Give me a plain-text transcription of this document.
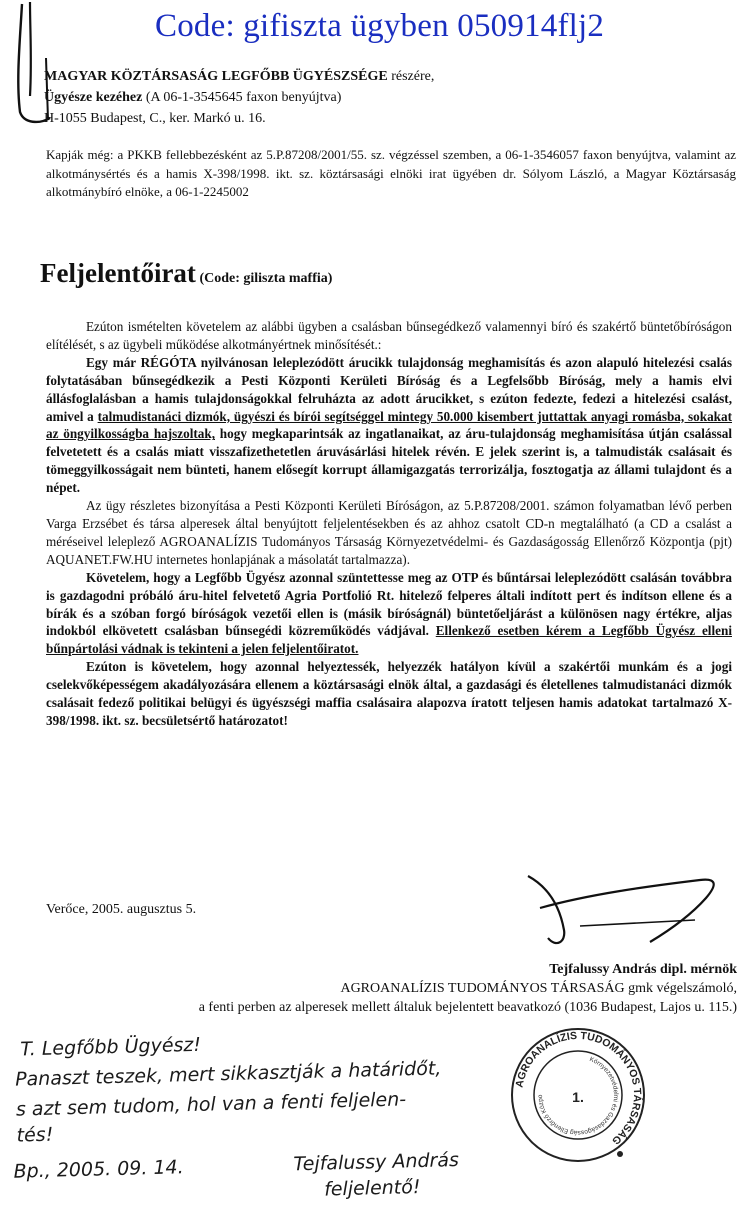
Code: gifiszta ügyben 050914flj2
MAGYAR KÖZTÁRSASÁG LEGFŐBB ÜGYÉSZSÉGE részére,
Ügyésze kezéhez (A 06-1-3545645 faxon benyújtva)
H-1055 Budapest, C., ker. Markó u. 16.
Kapják még: a PKKB fellebbezésként az 5.P.87208/2001/55. sz. végzéssel szemben, a 06-1-3546057 faxon benyújtva, valamint az alkotmánysértés és a hamis X-398/1998. ikt. sz. köztársasági elnöki irat ügyében dr. Sólyom László, a Magyar Köztársaság alkotmánybíró elnöke, a 06-1-2245002
Feljelentőirat (Code: giliszta maffia)

Ezúton ismételten követelem az alábbi ügyben a csalásban bűnsegédkező valamennyi bíró és szakértő büntetőbíróságon elítélését, s az ügybeli működése alkotmányértnek minősítését.:

Egy már RÉGÓTA nyilvánosan leleplezódött árucikk tulajdonság meghamisítás és azon alapuló hitelezési csalás folytatásában bűnsegédkezik a Pesti Központi Kerületi Bíróság és a Legfelsőbb Bíróság, mely a hamis elvi állásfoglalásban a hamis tulajdonságokkal felruházta az adott árucikket, s ezúton fedezte, fedezi a hitelezési csalást, amivel a talmudistanáci dizmók, ügyészi és bírói segítséggel mintegy 50.000 kisembert juttattak anyagi romásba, sokakat az öngyilkosságba hajszoltak, hogy megkaparintsák az ingatlanaikat, az áru-tulajdonság meghamisítása útján csalással felvetetett és a csalás miatt visszafizethetetlen áruvásárlási hitelek révén. E jelek szerint is, a talmudisták csalásait és tömeggyilkosságait nem bünteti, hanem elősegít korrupt államigazgatás terrorizálja, fosztogatja az állami tulajdont és a népet.

Az ügy részletes bizonyítása a Pesti Központi Kerületi Bíróságon, az 5.P.87208/2001. számon folyamatban lévő perben Varga Erzsébet és társa alperesek által benyújtott feljelentésekben és az ahhoz csatolt CD-n megtalálható (a CD a csalást a méréseivel leleplező AGROANALÍZIS Tudományos Társaság Környezetvédelmi- és Gazdaságosság Ellenőrző Központja (pjt) AQUANET.FW.HU internetes honlapjának a másolatát tartalmazza).

Követelem, hogy a Legfőbb Ügyész azonnal szüntettesse meg az OTP és bűntársai leleplezódött csalásán továbbra is gazdagodni próbáló áru-hitel felvetető Agria Portfolió Rt. hitelező felperes általi indított pert és indítson ellene és a bírák és a szóban forgó bíróságok vezetői ellen is (másik bíróságnál) büntetőeljárást a különösen nagy értékre, aljas indokból elkövetett csalásban bűnsegédi közreműködés vádjával. Ellenkező esetben kérem a Legfőbb Ügyész elleni bűnpártolási vádnak is tekinteni a jelen feljelentőiratot.

Ezúton is követelem, hogy azonnal helyeztessék, helyezzék hatályon kívül a szakértői munkám és a jogi cselekvőképességem akadályozására ellenem a köztársasági elnök által, a gazdasági és életellenes talmudistanáci dizmók csalásait fedező politikai belügyi és ügyészségi maffia csalásaira alapozva íratott teljesen hamis adatokat tartalmazó X-398/1998. ikt. sz. becsületsértő határozatot!

Verőce, 2005. augusztus 5.
Tejfalussy András dipl. mérnök
AGROANALÍZIS TUDOMÁNYOS TÁRSASÁG gmk végelszámoló,
a fenti perben az alperesek mellett általuk bejelentett beavatkozó (1036 Budapest, Lajos u. 115.)
T. Legfőbb Ügyész!
Panaszt teszek, mert sikkasztják a határidőt,
s azt sem tudom, hol van a fenti feljelen-
tés!
Bp., 2005. 09. 14.	Tejfalussy András
feljelentő!
AGROANALÍZIS TUDOMÁNYOS TÁRSASÁG
Környezetvédelmi és Gazdaságosság Ellenőrző Közpo	1.
